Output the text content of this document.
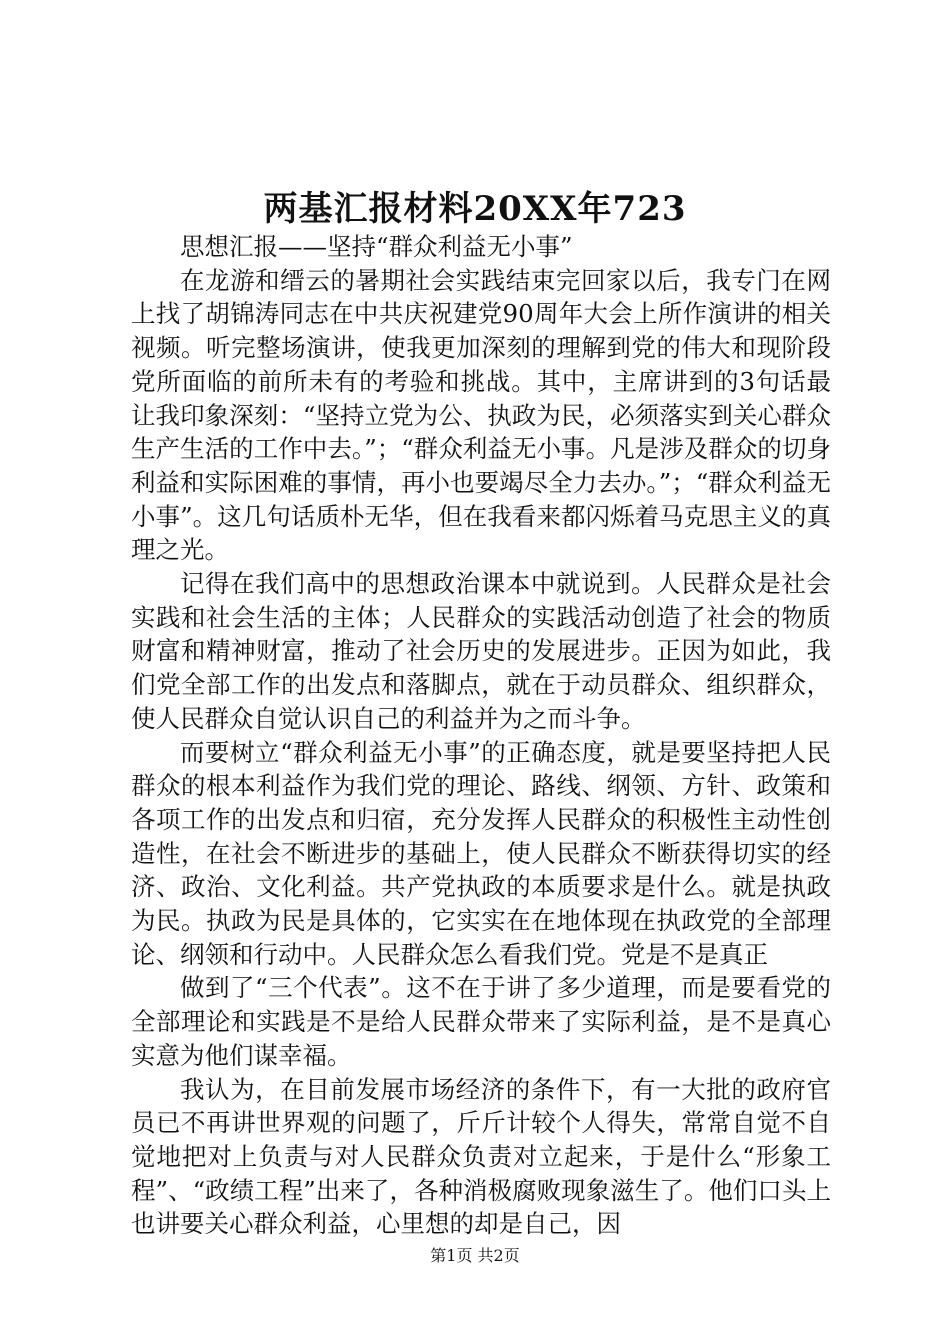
两基汇报材料20XX年723

思想汇报——坚持“群众利益无小事”

在龙游和缙云的暑期社会实践结束完回家以后，我专门在网上找了胡锦涛同志在中共庆祝建党90周年大会上所作演讲的相关视频。听完整场演讲，使我更加深刻的理解到党的伟大和现阶段党所面临的前所未有的考验和挑战。其中，主席讲到的3句话最让我印象深刻：“坚持立党为公、执政为民，必须落实到关心群众生产生活的工作中去。”；“群众利益无小事。凡是涉及群众的切身利益和实际困难的事情，再小也要竭尽全力去办。”；“群众利益无小事”。这几句话质朴无华，但在我看来都闪烁着马克思主义的真理之光。

记得在我们高中的思想政治课本中就说到。人民群众是社会实践和社会生活的主体；人民群众的实践活动创造了社会的物质财富和精神财富，推动了社会历史的发展进步。正因为如此，我们党全部工作的出发点和落脚点，就在于动员群众、组织群众，使人民群众自觉认识自己的利益并为之而斗争。

而要树立“群众利益无小事”的正确态度，就是要坚持把人民群众的根本利益作为我们党的理论、路线、纲领、方针、政策和各项工作的出发点和归宿，充分发挥人民群众的积极性主动性创造性，在社会不断进步的基础上，使人民群众不断获得切实的经济、政治、文化利益。共产党执政的本质要求是什么。就是执政为民。执政为民是具体的，它实实在在地体现在执政党的全部理论、纲领和行动中。人民群众怎么看我们党。党是不是真正

做到了“三个代表”。这不在于讲了多少道理，而是要看党的全部理论和实践是不是给人民群众带来了实际利益，是不是真心实意为他们谋幸福。

我认为，在目前发展市场经济的条件下，有一大批的政府官员已不再讲世界观的问题了，斤斤计较个人得失，常常自觉不自觉地把对上负责与对人民群众负责对立起来，于是什么“形象工程”、“政绩工程”出来了，各种消极腐败现象滋生了。他们口头上也讲要关心群众利益，心里想的却是自己，因

第1页 共2页
